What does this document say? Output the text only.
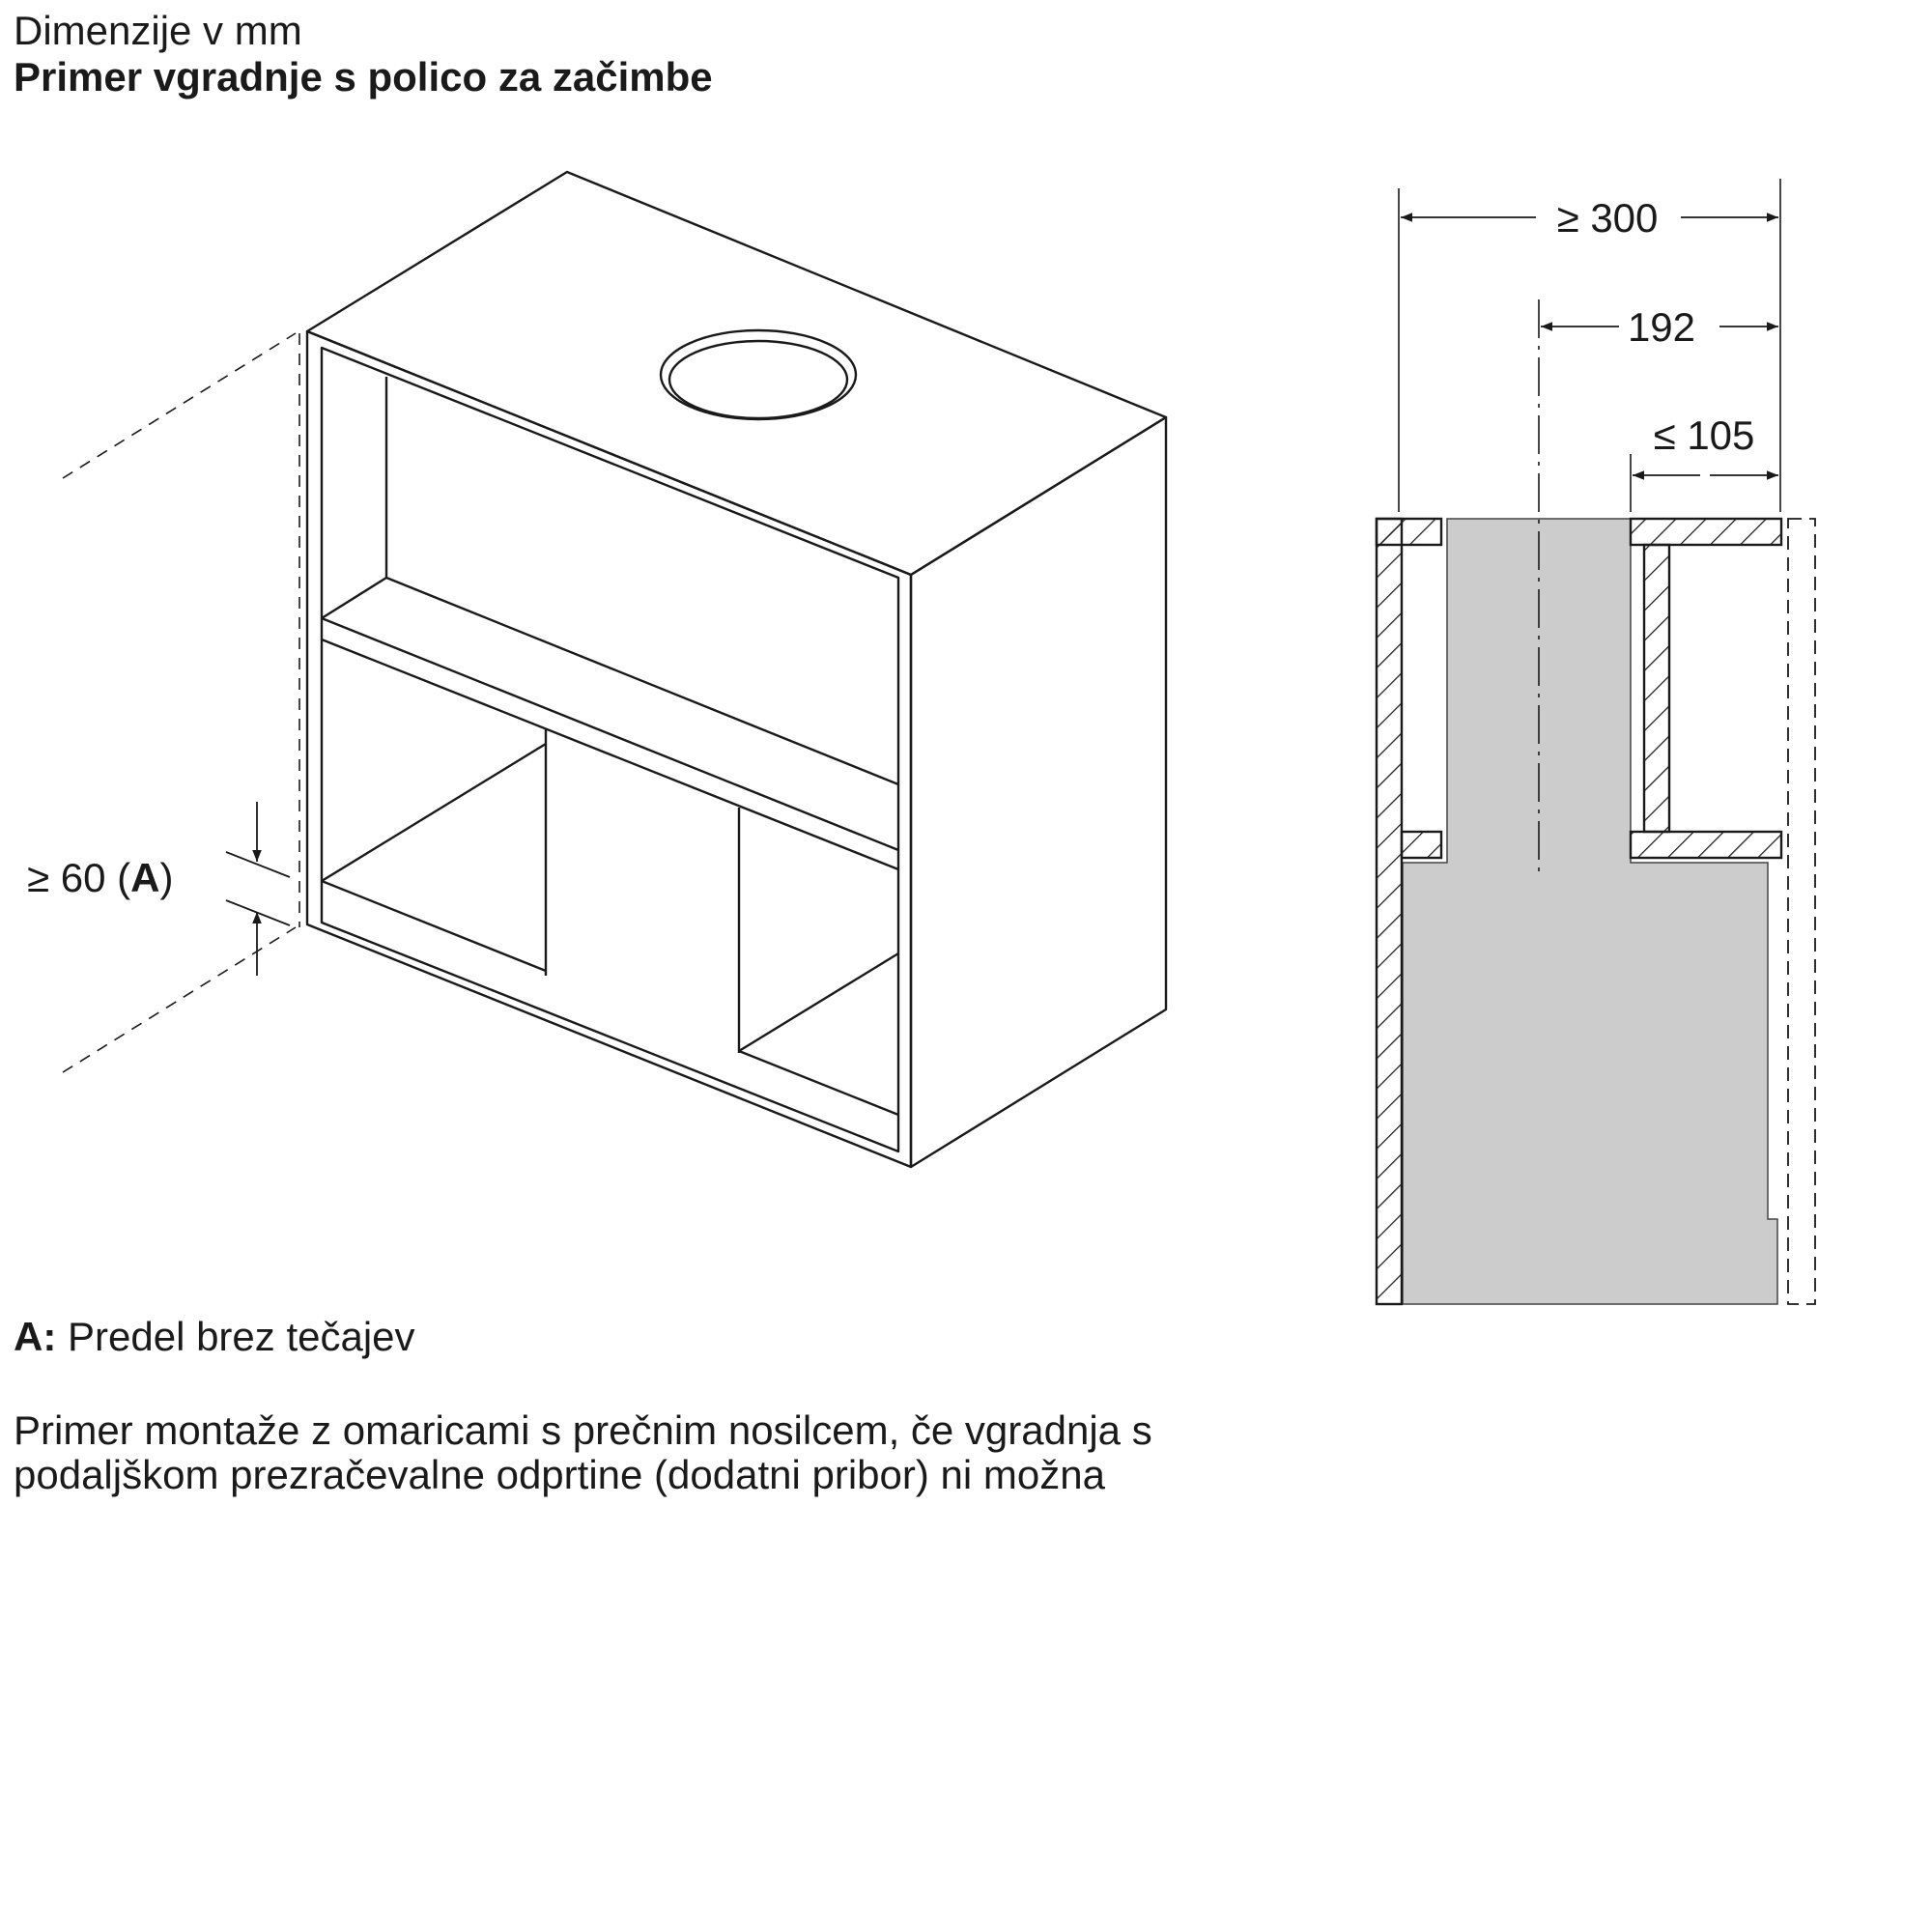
Dimenzije v mm
Primer vgradnje s polico za začimbe
≥ 60 (A)
≥ 300
192
≤ 105

A: Predel brez tečajev

Primer montaže z omaricami s prečnim nosilcem, če vgradnja s podaljškom prezračevalne odprtine (dodatni pribor) ni možna
